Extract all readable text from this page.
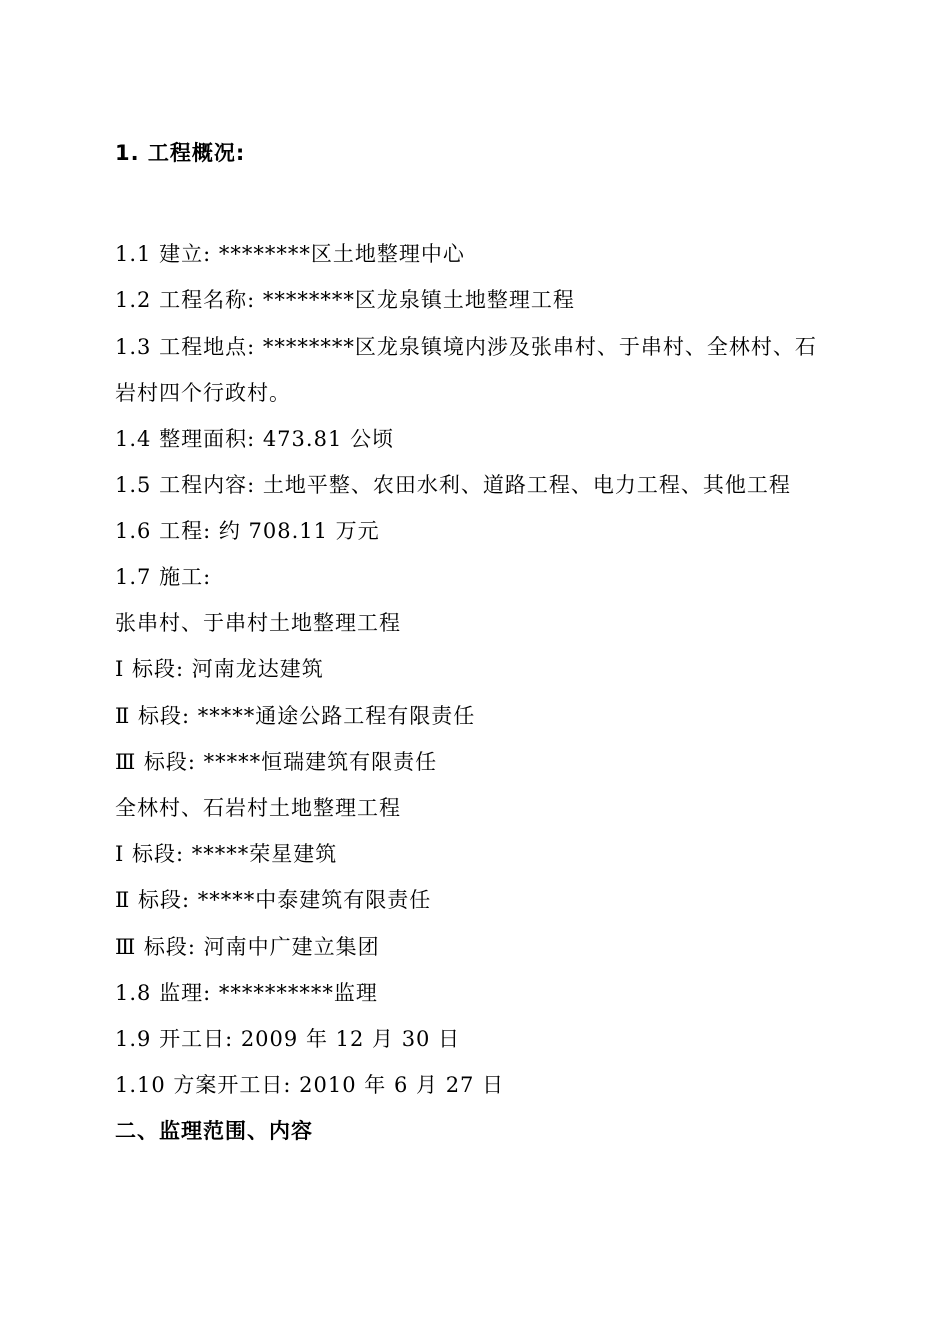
1. 工程概况:
1.1 建立: ********区土地整理中心
1.2 工程名称: ********区龙泉镇土地整理工程
1.3 工程地点: ********区龙泉镇境内涉及张串村、于串村、全林村、石
岩村四个行政村。
1.4 整理面积: 473.81 公顷
1.5 工程内容: 土地平整、农田水利、道路工程、电力工程、其他工程
1.6 工程: 约 708.11 万元
1.7 施工:
张串村、于串村土地整理工程
Ⅰ 标段: 河南龙达建筑
Ⅱ 标段: *****通途公路工程有限责任
Ⅲ 标段: *****恒瑞建筑有限责任
全林村、石岩村土地整理工程
Ⅰ 标段: *****荣星建筑
Ⅱ 标段: *****中泰建筑有限责任
Ⅲ 标段: 河南中广建立集团
1.8 监理: **********监理
1.9 开工日: 2009 年 12 月 30 日
1.10 方案开工日: 2010 年 6 月 27 日
二、监理范围、内容
